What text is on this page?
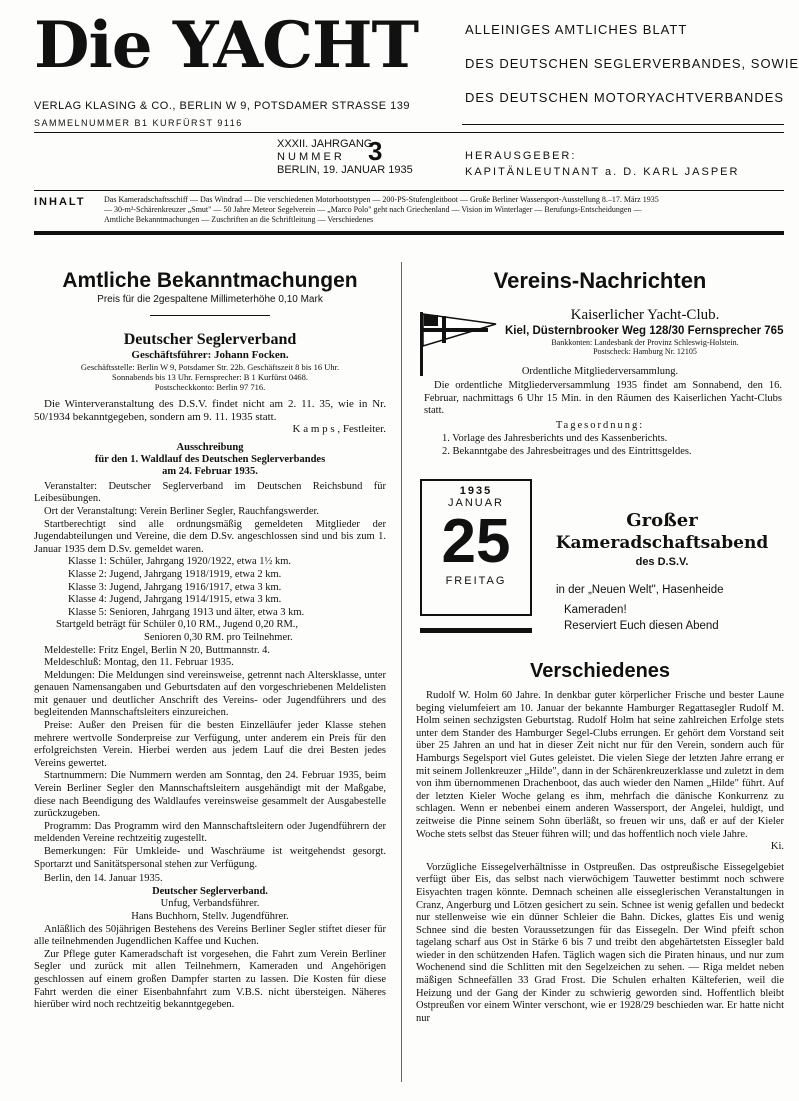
Die YACHT
VERLAG KLASING & CO., BERLIN W 9, POTSDAMER STRASSE 139
SAMMELNUMMER B1 KURFÜRST 9116
ALLEINIGES AMTLICHES BLATT
DES DEUTSCHEN SEGLERVERBANDES, SOWIE
DES DEUTSCHEN MOTORYACHTVERBANDES
XXXII. JAHRGANG
N U M M E R
BERLIN, 19. JANUAR 1935
3	HERAUSGEBER:
KAPITÄNLEUTNANT a. D. KARL JASPER
INHALT Das Kameradschaftsschiff — Das Windrad — Die verschiedenen Motorbootstypen — 200-PS-Stufengleitboot — Große Berliner Wassersport-Ausstellung 8.–17. März 1935
— 30-m²-Schärenkreuzer „Smut" — 50 Jahre Meteor Segelverein — „Marco Polo" geht nach Griechenland — Vision im Winterlager — Berufungs-Entscheidungen —
Amtliche Bekanntmachungen — Zuschriften an die Schriftleitung — Verschiedenes
Amtliche Bekanntmachungen
Preis für die 2gespaltene Millimeterhöhe 0,10 Mark
Deutscher Seglerverband
Geschäftsführer: Johann Focken.
Geschäftsstelle: Berlin W 9, Potsdamer Str. 22b. Geschäftszeit 8 bis 16 Uhr.
Sonnabends bis 13 Uhr. Fernsprecher: B 1 Kurfürst 0468.
Postscheckkonto: Berlin 97 716.

Die Winterveranstaltung des D.S.V. findet nicht am 2. 11. 35, wie in Nr. 50/1934 bekanntgegeben, sondern am 9. 11. 1935 statt.

K a m p s , Festleiter.

Ausschreibung
für den 1. Waldlauf des Deutschen Seglerverbandes
am 24. Februar 1935.

Veranstalter: Deutscher Seglerverband im Deutschen Reichsbund für Leibesübungen.

Ort der Veranstaltung: Verein Berliner Segler, Rauchfangswerder.

Startberechtigt sind alle ordnungsmäßig gemeldeten Mitglieder der Jugendabteilungen und Vereine, die dem D.Sv. angeschlossen sind und bis zum 1. Januar 1935 dem D.Sv. gemeldet waren.

Klasse 1: Schüler, Jahrgang 1920/1922, etwa 1½ km.

Klasse 2: Jugend, Jahrgang 1918/1919, etwa 2 km.

Klasse 3: Jugend, Jahrgang 1916/1917, etwa 3 km.

Klasse 4: Jugend, Jahrgang 1914/1915, etwa 3 km.

Klasse 5: Senioren, Jahrgang 1913 und älter, etwa 3 km.

Startgeld beträgt für Schüler 0,10 RM., Jugend 0,20 RM.,

Senioren 0,30 RM. pro Teilnehmer.

Meldestelle: Fritz Engel, Berlin N 20, Buttmannstr. 4.

Meldeschluß: Montag, den 11. Februar 1935.

Meldungen: Die Meldungen sind vereinsweise, getrennt nach Altersklasse, unter genauen Namensangaben und Geburtsdaten auf den vorgeschriebenen Meldelisten mit genauer und deutlicher Anschrift des Vereins- oder Jugendführers und des begleitenden Mannschaftsleiters einzureichen.

Preise: Außer den Preisen für die besten Einzelläufer jeder Klasse stehen mehrere wertvolle Sonderpreise zur Verfügung, unter anderem ein Preis für den erfolgreichsten Verein. Hierbei werden aus jedem Lauf die drei Besten jedes Vereins gewertet.

Startnummern: Die Nummern werden am Sonntag, den 24. Februar 1935, beim Verein Berliner Segler den Mannschaftsleitern ausgehändigt mit der Maßgabe, diese nach Beendigung des Waldlaufes vereinsweise gesammelt der Ausgabestelle zurückzugeben.

Programm: Das Programm wird den Mannschaftsleitern oder Jugendführern der meldenden Vereine rechtzeitig zugestellt.

Bemerkungen: Für Umkleide- und Waschräume ist weitgehendst gesorgt. Sportarzt und Sanitätspersonal stehen zur Verfügung.

Berlin, den 14. Januar 1935.

Deutscher Seglerverband.

Unfug, Verbandsführer.

Hans Buchhorn, Stellv. Jugendführer.

Anläßlich des 50jährigen Bestehens des Vereins Berliner Segler stiftet dieser für alle teilnehmenden Jugendlichen Kaffee und Kuchen.

Zur Pflege guter Kameradschaft ist vorgesehen, die Fahrt zum Verein Berliner Segler und zurück mit allen Teilnehmern, Kameraden und Angehörigen geschlossen auf einem großen Dampfer starten zu lassen. Die Kosten für diese Fahrt werden die einer Eisenbahnfahrt zum V.B.S. nicht übersteigen. Näheres hierüber wird noch rechtzeitig bekanntgegeben.

Vereins-Nachrichten
Kaiserlicher Yacht-Club.
Kiel, Düsternbrooker Weg 128/30 Fernsprecher 765
Bankkonten: Landesbank der Provinz Schleswig-Holstein.
Postscheck: Hamburg Nr. 12105
Ordentliche Mitgliederversammlung.

Die ordentliche Mitgliederversammlung 1935 findet am Sonnabend, den 16. Februar, nachmittags 6 Uhr 15 Min. in den Räumen des Kaiserlichen Yacht-Clubs statt.

Tagesordnung:

1. Vorlage des Jahresberichts und des Kassenberichts.

2. Bekanntgabe des Jahresbeitrages und des Eintrittsgeldes.

1935
JANUAR
25
FREITAG
Großer
Kameradschaftsabend
des D.S.V.
in der „Neuen Welt", Hasenheide
Kameraden!
Reserviert Euch diesen Abend
Verschiedenes

Rudolf W. Holm 60 Jahre. In denkbar guter körperlicher Frische und bester Laune beging vielumfeiert am 10. Januar der bekannte Hamburger Regattasegler Rudolf M. Holm seinen sechzigsten Geburtstag. Rudolf Holm hat seine zahlreichen Erfolge stets unter dem Stander des Hamburger Segel-Clubs errungen. Er gehört dem Vorstand seit über 25 Jahren an und hat in dieser Zeit nicht nur für den Verein, sondern auch für Hamburgs Segelsport viel Gutes geleistet. Die vielen Siege der letzten Jahre errang er mit seinem Jollenkreuzer „Hilde", dann in der Schärenkreuzerklasse und zuletzt in dem von ihm übernommenen Drachenboot, das auch wieder den Namen „Hilde" führt. Auf der letzten Kieler Woche gelang es ihm, mehrfach die dänische Konkurrenz zu schlagen. Wenn er nebenbei einem anderen Wassersport, der Angelei, huldigt, und zeitweise die Pinne seinem Sohn überläßt, so freuen wir uns, daß er auf der Kieler Woche stets selbst das Steuer führen will; und das hoffentlich noch viele Jahre.

Ki.

Vorzügliche Eissegelverhältnisse in Ostpreußen. Das ostpreußische Eissegelgebiet verfügt über Eis, das selbst nach vierwöchigem Tauwetter bestimmt noch schwere Eisyachten tragen könnte. Demnach scheinen alle eisseglerischen Veranstaltungen in Cranz, Angerburg und Lötzen gesichert zu sein. Schnee ist wenig gefallen und bedeckt nur stellenweise wie ein dünner Schleier die Bahn. Dickes, glattes Eis und wenig Schnee sind die besten Voraussetzungen für das Eissegeln. Der Wind pfeift schon tagelang scharf aus Ost in Stärke 6 bis 7 und treibt den abgehärtetsten Eissegler bald wieder in den schützenden Hafen. Täglich wagen sich die Piraten hinaus, und nur zum Wochenend sind die Schlitten mit den Segelzeichen zu sehen. — Riga meldet neben mäßigen Schneefällen 33 Grad Frost. Die Schulen erhalten Kälteferien, weil die Heizung und der Gang der Kinder zu schwierig geworden sind. Hoffentlich bleibt Ostpreußen vor einem Winter verschont, wie er 1928/29 beschieden war. Er hatte nicht nur
